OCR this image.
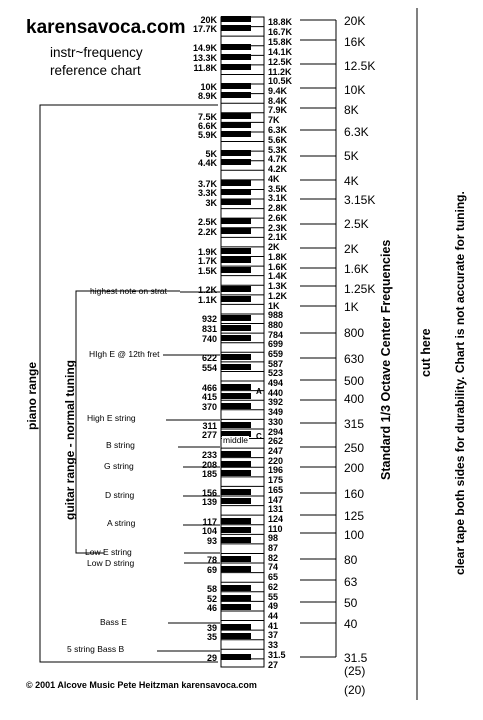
karensavoca.com
instr~frequency
reference chart
20K
17.7K
14.9K
13.3K
11.8K
10K
8.9K
7.5K
6.6K
5.9K
5K
4.4K
3.7K
3.3K
3K
2.5K
2.2K
1.9K
1.7K
1.5K
1.2K
1.1K
932
831
740
622
554
466
415
370
311
277
233
208
185
156
139
117
104
93
78
69
58
52
46
39
35
29
18.8K
16.7K
15.8K
14.1K
12.5K
11.2K
10.5K
9.4K
8.4K
7.9K
7K
6.3K
5.6K
5.3K
4.7K
4.2K
4K
3.5K
3.1K
2.8K
2.6K
2.3K
2.1K
2K
1.8K
1.6K
1.4K
1.3K
1.2K
1K
988
880
784
699
659
587
523
494
440
392
349
330
294
262
247
220
196
175
165
147
131
124
110
98
87
82
74
65
62
55
49
44
41
37
33
31.5
27
20K
16K
12.5K
10K
8K
6.3K
5K
4K
3.15K
2.5K
2K
1.6K
1.25K
1K
800
630
500
400
315
250
200
160
125
100
80
63
50
40
31.5
(25)
(20)
highest note on strat
HIgh E @ 12th fret
High E string
B string
G string
D string
A string
Low E string
Low D string
Bass E
5 string Bass B
A
C
middle
piano range guitar range - normal tuning	Standard 1/3 Octave Center Frequencies cut here clear tape both sides for durability. Chart is not accurate for tuning.
© 2001 Alcove Music Pete Heitzman karensavoca.com
